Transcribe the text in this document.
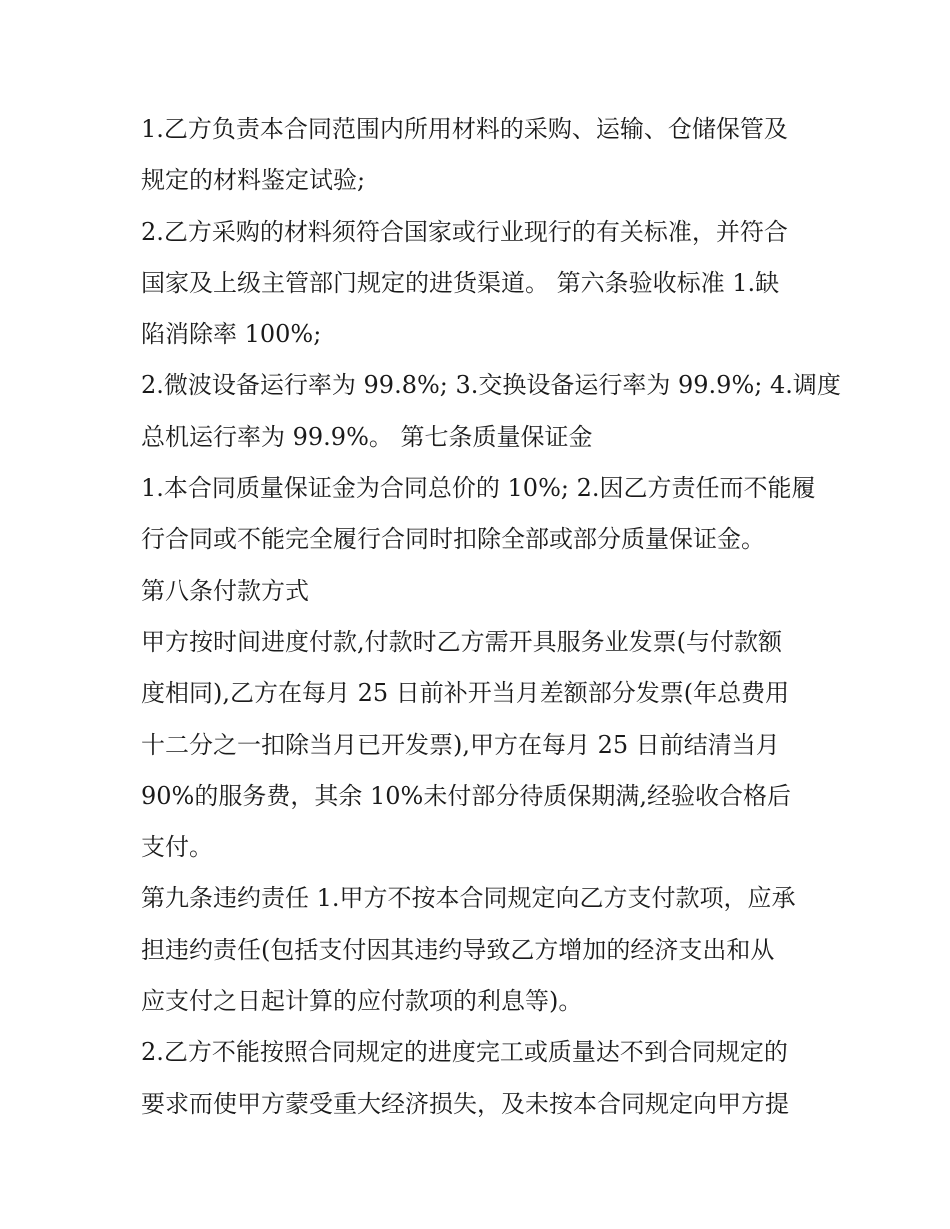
1.乙方负责本合同范围内所用材料的采购、运输、仓储保管及
规定的材料鉴定试验;
2.乙方采购的材料须符合国家或行业现行的有关标准，并符合
国家及上级主管部门规定的进货渠道。 第六条验收标准 1.缺
陷消除率 100%;
2.微波设备运行率为 99.8%; 3.交换设备运行率为 99.9%; 4.调度
总机运行率为 99.9%。 第七条质量保证金
1.本合同质量保证金为合同总价的 10%; 2.因乙方责任而不能履
行合同或不能完全履行合同时扣除全部或部分质量保证金。
第八条付款方式
甲方按时间进度付款,付款时乙方需开具服务业发票(与付款额
度相同),乙方在每月 25 日前补开当月差额部分发票(年总费用
十二分之一扣除当月已开发票),甲方在每月 25 日前结清当月
90%的服务费，其余 10%未付部分待质保期满,经验收合格后
支付。
第九条违约责任 1.甲方不按本合同规定向乙方支付款项，应承
担违约责任(包括支付因其违约导致乙方增加的经济支出和从
应支付之日起计算的应付款项的利息等)。
2.乙方不能按照合同规定的进度完工或质量达不到合同规定的
要求而使甲方蒙受重大经济损失，及未按本合同规定向甲方提
